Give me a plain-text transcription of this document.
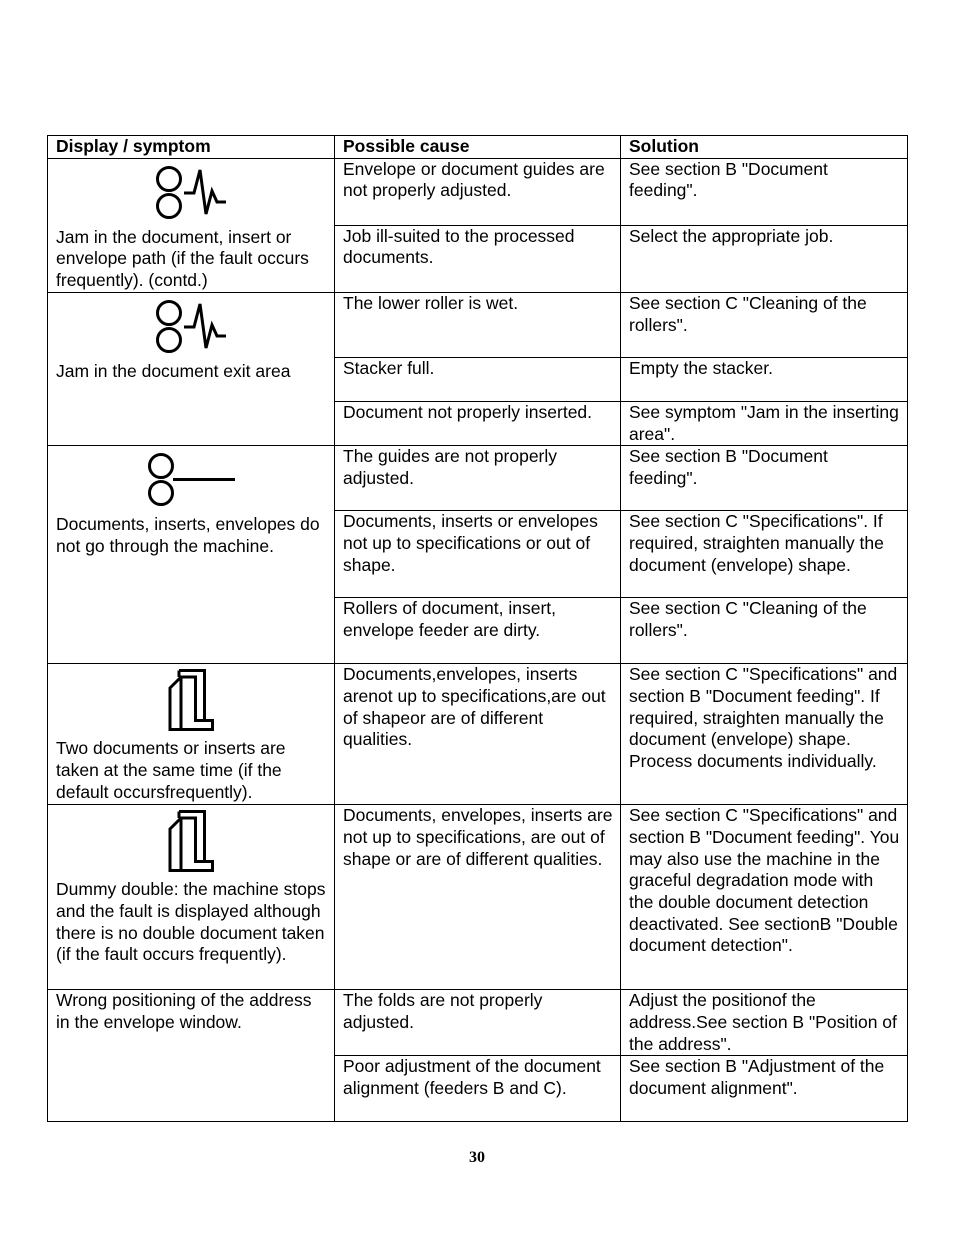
Display / symptom	Possible cause	Solution

Jam in the document, insert or envelope path (if the fault occurs frequently). (contd.)	Envelope or document guides are not properly adjusted.	See section B "Document feeding".
	Job ill-suited to the processed documents.	Select the appropriate job.

Jam in the document exit area	The lower roller is wet.	See section C "Cleaning of the rollers".
	Stacker full.	Empty the stacker.
	Document not properly inserted.	See symptom "Jam in the inserting area".

Documents, inserts, envelopes do not go through the machine.	The guides are not properly adjusted.	See section B "Document feeding".
	Documents, inserts or envelopes not up to specifications or out of shape.	See section C "Specifications". If required, straighten manually the document (envelope) shape.
	Rollers of document, insert, envelope feeder are dirty.	See section C "Cleaning of the rollers".

Two documents or inserts are taken at the same time (if the default occursfrequently).	Documents,envelopes, inserts arenot up to specifications,are out of shapeor are of different qualities.	See section C "Specifications" and section B "Document feeding". If required, straighten manually the document (envelope) shape. Process documents individually.

Dummy double: the machine stops and the fault is displayed although there is no double document taken (if the fault occurs frequently).	Documents, envelopes, inserts are not up to specifications, are out of shape or are of different qualities.	See section C "Specifications" and section B "Document feeding". You may also use the machine in the graceful degradation mode with the double document detection deactivated. See sectionB "Double document detection".
Wrong positioning of the address in the envelope window.	The folds are not properly adjusted.	Adjust the positionof the address.See section B "Position of the address".
	Poor adjustment of the document alignment (feeders B and C).	See section B "Adjustment of the document alignment".
30
